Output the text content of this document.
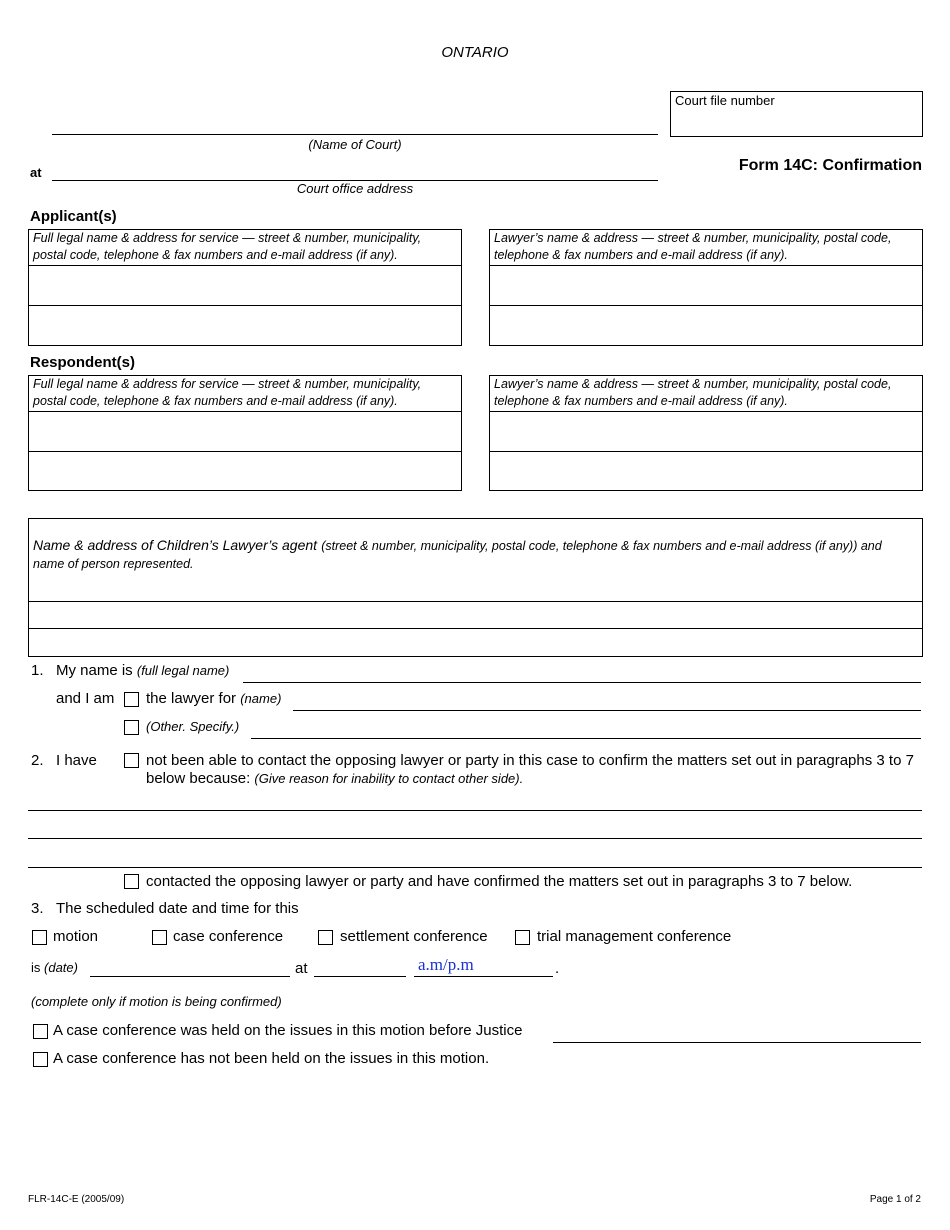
ONTARIO
Court file number
(Name of Court)
at
Court office address
Form 14C: Confirmation
Applicant(s)
Full legal name & address for service — street & number, municipality, postal code, telephone & fax numbers and e-mail address (if any).
Lawyer’s name & address — street & number, municipality, postal code, telephone & fax numbers and e-mail address (if any).
Respondent(s)
Full legal name & address for service — street & number, municipality, postal code, telephone & fax numbers and e-mail address (if any).
Lawyer’s name & address — street & number, municipality, postal code, telephone & fax numbers and e-mail address (if any).
Name & address of Children’s Lawyer’s agent (street & number, municipality, postal code, telephone & fax numbers and e-mail address (if any)) and name of person represented.
1. My name is (full legal name)
and I am the lawyer for (name)
(Other. Specify.)
2. I have	not been able to contact the opposing lawyer or party in this case to confirm the matters set out in paragraphs 3 to 7 below because: (Give reason for inability to contact other side).
contacted the opposing lawyer or party and have confirmed the matters set out in paragraphs 3 to 7 below.
3. The scheduled date and time for this
motion	case conference	settlement conference	trial management conference
is (date)	at	a.m/p.m	.
(complete only if motion is being confirmed)
A case conference was held on the issues in this motion before Justice
A case conference has not been held on the issues in this motion.
FLR-14C-E (2005/09)	Page 1 of 2
